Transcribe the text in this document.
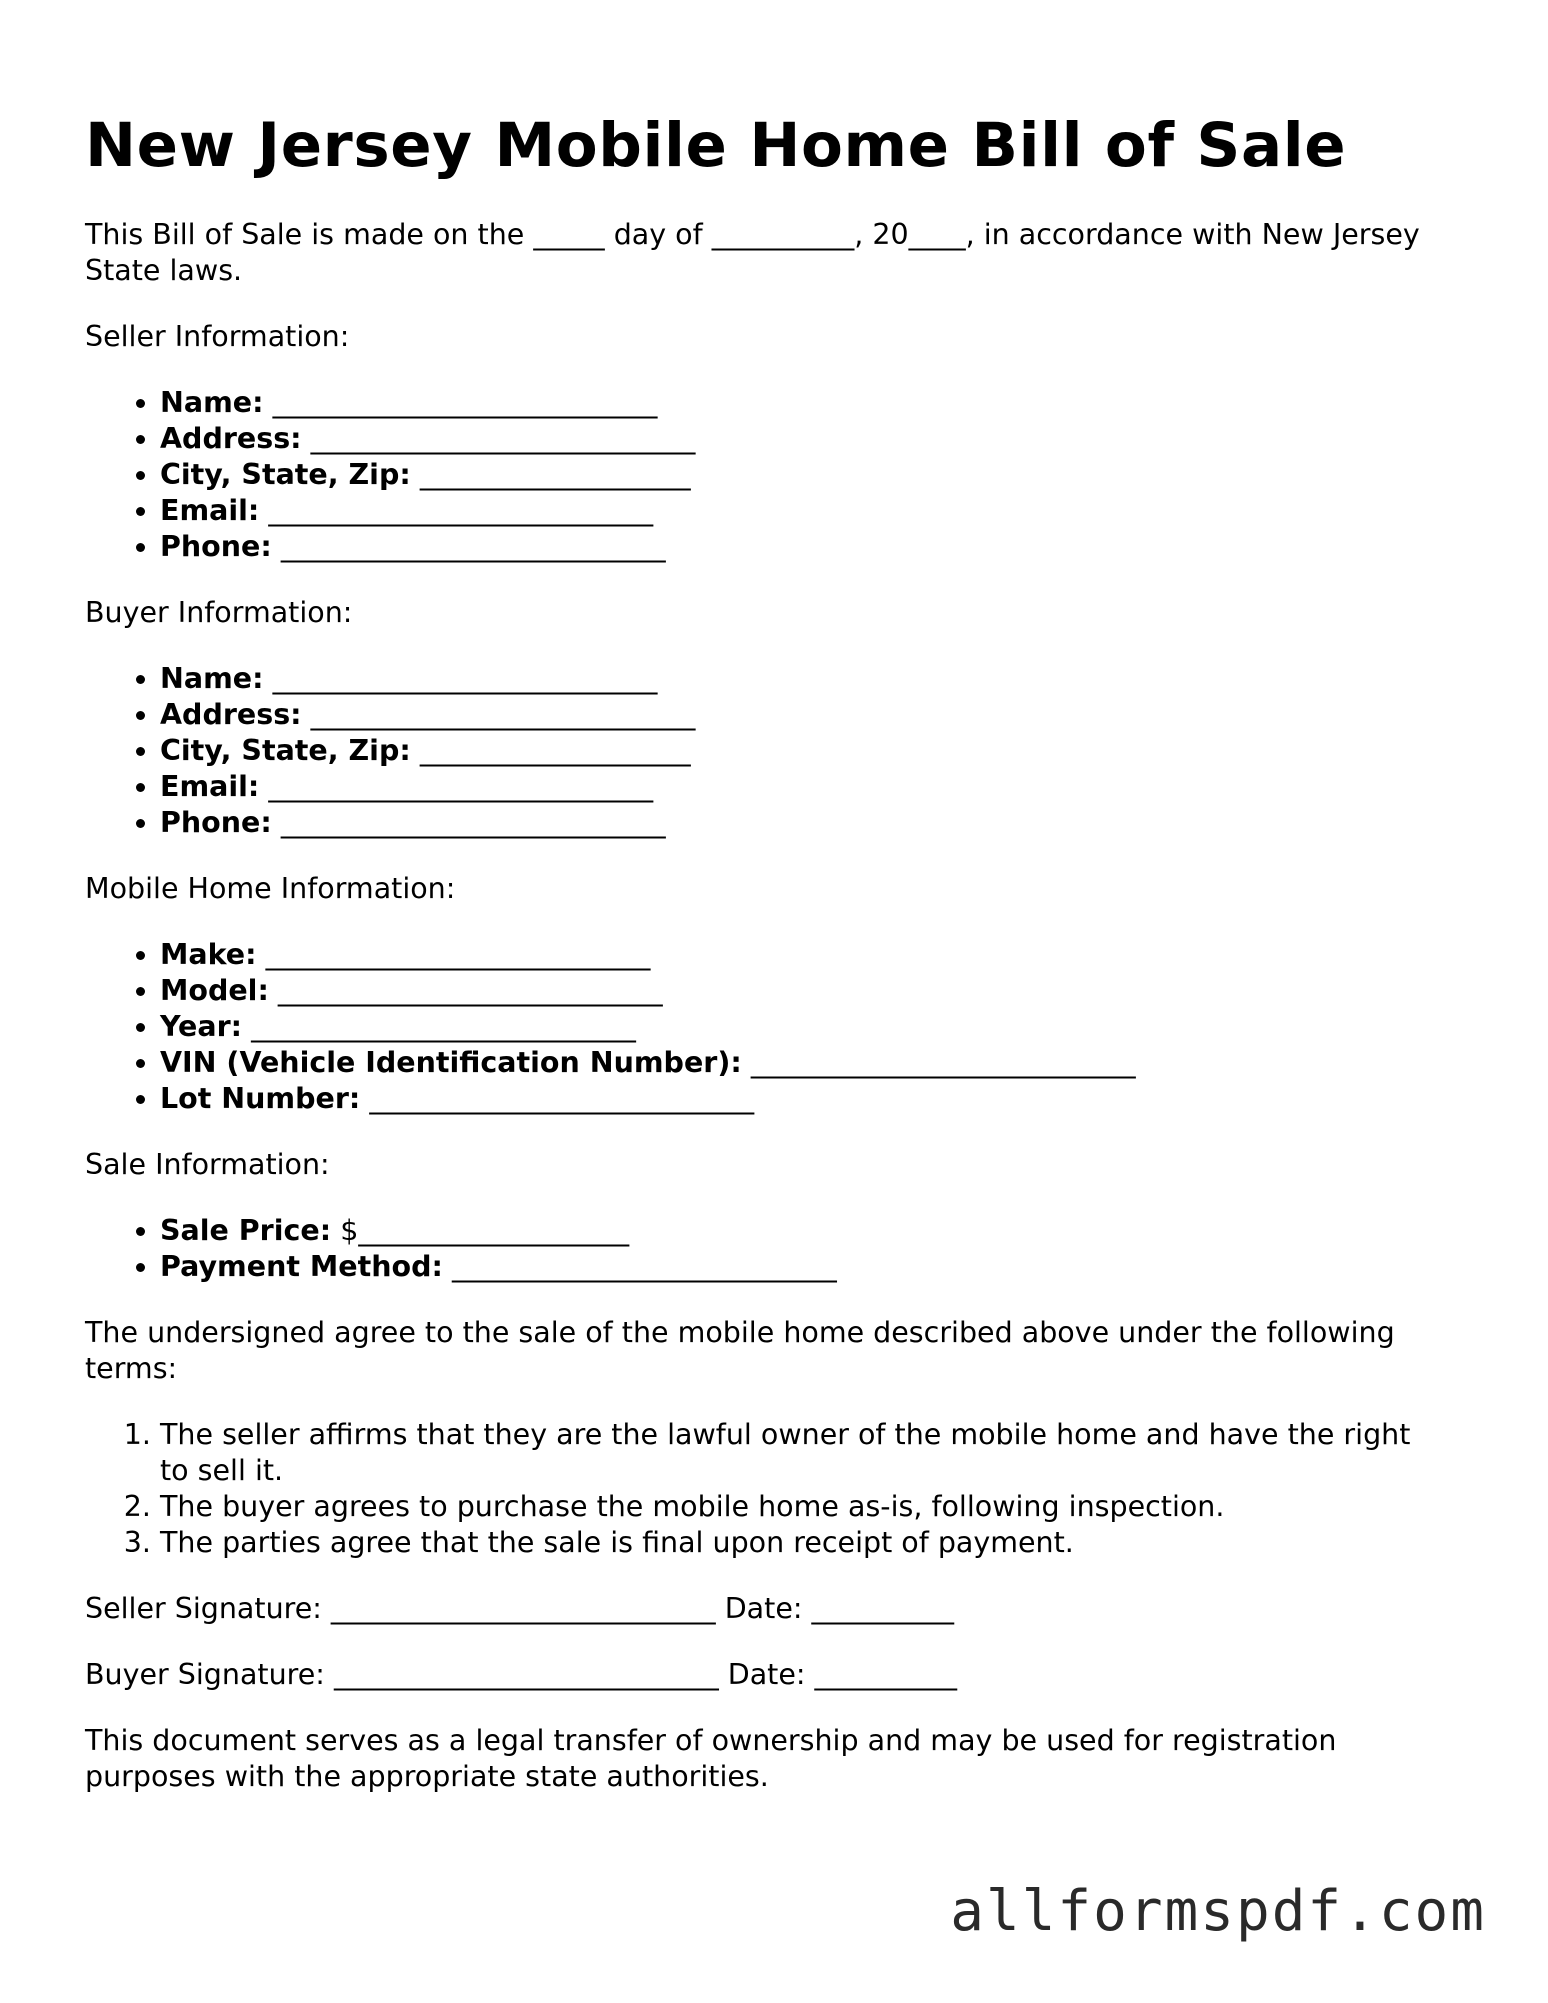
New Jersey Mobile Home Bill of Sale

This Bill of Sale is made on the _____ day of __________, 20____, in accordance with New Jersey State laws.

Seller Information:

• Name: ___________________________
• Address: ___________________________
• City, State, Zip: ___________________
• Email: ___________________________
• Phone: ___________________________

Buyer Information:

• Name: ___________________________
• Address: ___________________________
• City, State, Zip: ___________________
• Email: ___________________________
• Phone: ___________________________

Mobile Home Information:

• Make: ___________________________
• Model: ___________________________
• Year: ___________________________
• VIN (Vehicle Identification Number): ___________________________
• Lot Number: ___________________________

Sale Information:

• Sale Price: $___________________
• Payment Method: ___________________________

The undersigned agree to the sale of the mobile home described above under the following terms:

1. The seller affirms that they are the lawful owner of the mobile home and have the right to sell it.
2. The buyer agrees to purchase the mobile home as-is, following inspection.
3. The parties agree that the sale is final upon receipt of payment.

Seller Signature: ___________________________ Date: __________

Buyer Signature: ___________________________ Date: __________

This document serves as a legal transfer of ownership and may be used for registration purposes with the appropriate state authorities.

allformspdf.com
